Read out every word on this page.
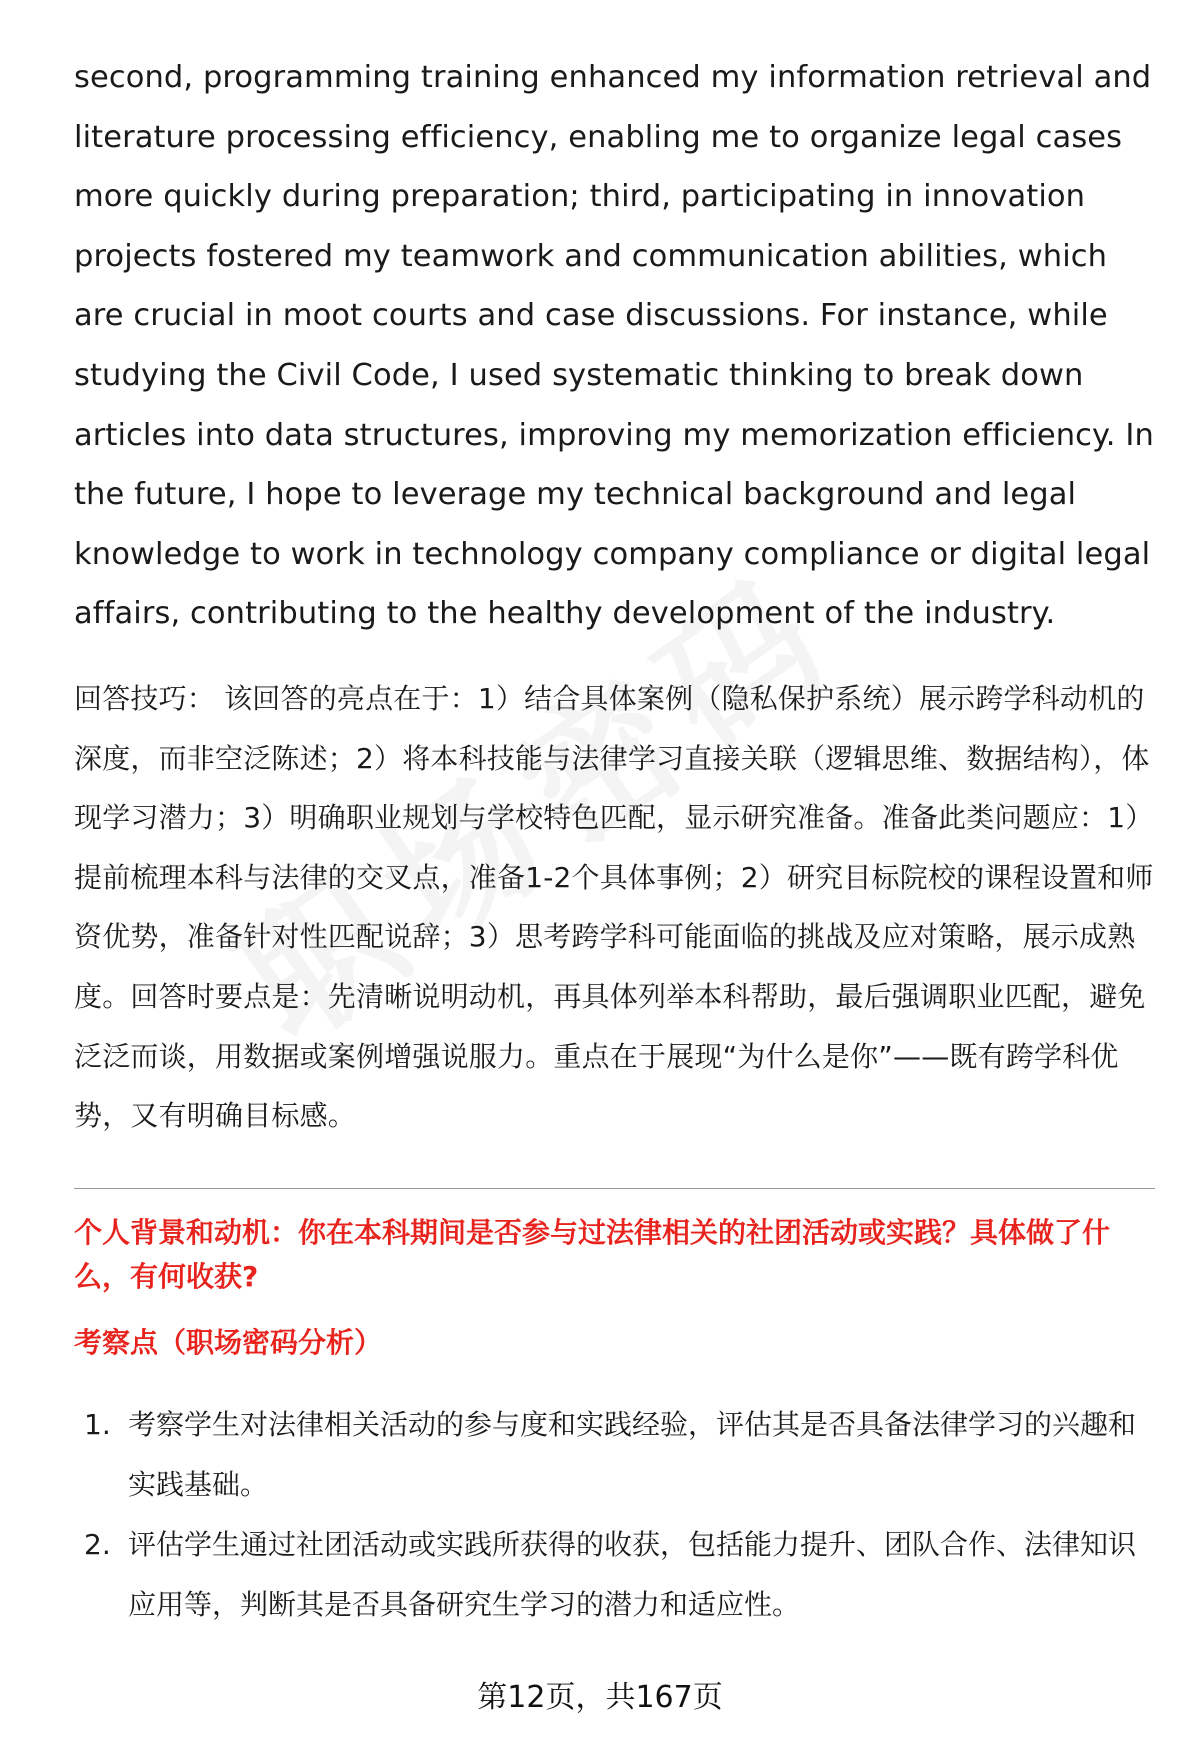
second, programming training enhanced my information retrieval and literature processing efficiency, enabling me to organize legal cases more quickly during preparation; third, participating in innovation projects fostered my teamwork and communication abilities, which are crucial in moot courts and case discussions. For instance, while studying the Civil Code, I used systematic thinking to break down articles into data structures, improving my memorization efficiency. In the future, I hope to leverage my technical background and legal knowledge to work in technology company compliance or digital legal affairs, contributing to the healthy development of the industry.

回答技巧： 该回答的亮点在于：1）结合具体案例（隐私保护系统）展示跨学科动机的深度，而非空泛陈述；2）将本科技能与法律学习直接关联（逻辑思维、数据结构），体现学习潜力；3）明确职业规划与学校特色匹配，显示研究准备。准备此类问题应：1）提前梳理本科与法律的交叉点，准备1-2个具体事例；2）研究目标院校的课程设置和师资优势，准备针对性匹配说辞；3）思考跨学科可能面临的挑战及应对策略，展示成熟度。回答时要点是：先清晰说明动机，再具体列举本科帮助，最后强调职业匹配，避免泛泛而谈，用数据或案例增强说服力。重点在于展现“为什么是你”——既有跨学科优势，又有明确目标感。

个人背景和动机：你在本科期间是否参与过法律相关的社团活动或实践？具体做了什么，有何收获?
考察点（职场密码分析）
1. 考察学生对法律相关活动的参与度和实践经验，评估其是否具备法律学习的兴趣和实践基础。
2. 评估学生通过社团活动或实践所获得的收获，包括能力提升、团队合作、法律知识应用等，判断其是否具备研究生学习的潜力和适应性。
第12页，共167页
